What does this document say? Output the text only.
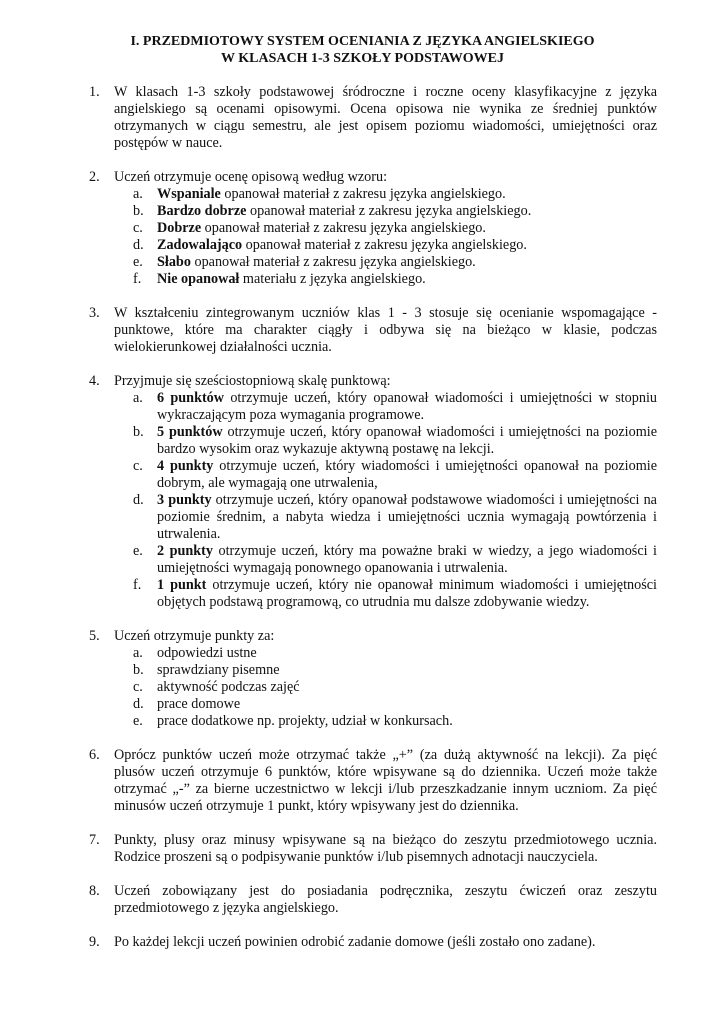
I. PRZEDMIOTOWY SYSTEM OCENIANIA Z JĘZYKA ANGIELSKIEGO
W KLASACH 1-3 SZKOŁY PODSTAWOWEJ
1. W klasach 1-3 szkoły podstawowej śródroczne i roczne oceny klasyfikacyjne z języka angielskiego są ocenami opisowymi. Ocena opisowa nie wynika ze średniej punktów otrzymanych w ciągu semestru, ale jest opisem poziomu wiadomości, umiejętności oraz postępów w nauce.

2. Uczeń otrzymuje ocenę opisową według wzoru:

a. Wspaniale opanował materiał z zakresu języka angielskiego.
b. Bardzo dobrze opanował materiał z zakresu języka angielskiego.
c. Dobrze opanował materiał z zakresu języka angielskiego.
d. Zadowalająco opanował materiał z zakresu języka angielskiego.
e. Słabo opanował materiał z zakresu języka angielskiego.
f. Nie opanował materiału z języka angielskiego.
3. W kształceniu zintegrowanym uczniów klas 1 - 3 stosuje się ocenianie wspomagające - punktowe, które ma charakter ciągły i odbywa się na bieżąco w klasie, podczas wielokierunkowej działalności ucznia.

4. Przyjmuje się sześciostopniową skalę punktową:

a. 6 punktów otrzymuje uczeń, który opanował wiadomości i umiejętności w stopniu wykraczającym poza wymagania programowe.
b. 5 punktów otrzymuje uczeń, który opanował wiadomości i umiejętności na poziomie bardzo wysokim oraz wykazuje aktywną postawę na lekcji.
c. 4 punkty otrzymuje uczeń, który wiadomości i umiejętności opanował na poziomie dobrym, ale wymagają one utrwalenia,
d. 3 punkty otrzymuje uczeń, który opanował podstawowe wiadomości i umiejętności na poziomie średnim, a nabyta wiedza i umiejętności ucznia wymagają powtórzenia i utrwalenia.
e. 2 punkty otrzymuje uczeń, który ma poważne braki w wiedzy, a jego wiadomości i umiejętności wymagają ponownego opanowania i utrwalenia.
f. 1 punkt otrzymuje uczeń, który nie opanował minimum wiadomości i umiejętności objętych podstawą programową, co utrudnia mu dalsze zdobywanie wiedzy.
5. Uczeń otrzymuje punkty za:

a. odpowiedzi ustne
b. sprawdziany pisemne
c. aktywność podczas zajęć
d. prace domowe
e. prace dodatkowe np. projekty, udział w konkursach.
6. Oprócz punktów uczeń może otrzymać także „+” (za dużą aktywność na lekcji). Za pięć plusów uczeń otrzymuje 6 punktów, które wpisywane są do dziennika. Uczeń może także otrzymać „-” za bierne uczestnictwo w lekcji i/lub przeszkadzanie innym uczniom. Za pięć minusów uczeń otrzymuje 1 punkt, który wpisywany jest do dziennika.

7. Punkty, plusy oraz minusy wpisywane są na bieżąco do zeszytu przedmiotowego ucznia. Rodzice proszeni są o podpisywanie punktów i/lub pisemnych adnotacji nauczyciela.

8. Uczeń zobowiązany jest do posiadania podręcznika, zeszytu ćwiczeń oraz zeszytu przedmiotowego z języka angielskiego.

9. Po każdej lekcji uczeń powinien odrobić zadanie domowe (jeśli zostało ono zadane).
